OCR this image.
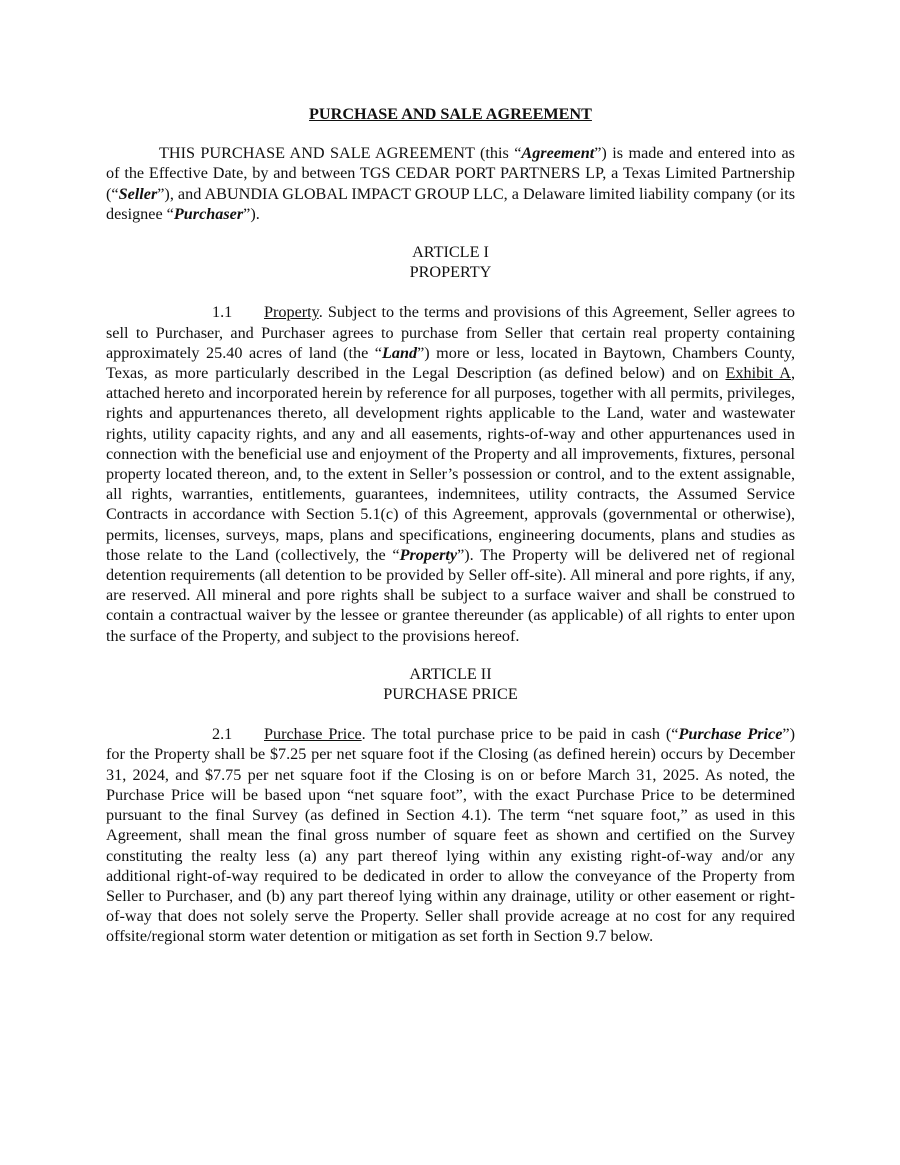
PURCHASE AND SALE AGREEMENT

THIS PURCHASE AND SALE AGREEMENT (this “Agreement”) is made and entered into as of the Effective Date, by and between TGS CEDAR PORT PARTNERS LP, a Texas Limited Partnership (“Seller”), and ABUNDIA GLOBAL IMPACT GROUP LLC, a Delaware limited liability company (or its designee “Purchaser”).

ARTICLE I
PROPERTY

1.1 Property. Subject to the terms and provisions of this Agreement, Seller agrees to sell to Purchaser, and Purchaser agrees to purchase from Seller that certain real property containing approximately 25.40 acres of land (the “Land”) more or less, located in Baytown, Chambers County, Texas, as more particularly described in the Legal Description (as defined below) and on Exhibit A, attached hereto and incorporated herein by reference for all purposes, together with all permits, privileges, rights and appurtenances thereto, all development rights applicable to the Land, water and wastewater rights, utility capacity rights, and any and all easements, rights-of-way and other appurtenances used in connection with the beneficial use and enjoyment of the Property and all improvements, fixtures, personal property located thereon, and, to the extent in Seller’s possession or control, and to the extent assignable, all rights, warranties, entitlements, guarantees, indemnitees, utility contracts, the Assumed Service Contracts in accordance with Section 5.1(c) of this Agreement, approvals (governmental or otherwise), permits, licenses, surveys, maps, plans and specifications, engineering documents, plans and studies as those relate to the Land (collectively, the “Property”). The Property will be delivered net of regional detention requirements (all detention to be provided by Seller off-site). All mineral and pore rights, if any, are reserved. All mineral and pore rights shall be subject to a surface waiver and shall be construed to contain a contractual waiver by the lessee or grantee thereunder (as applicable) of all rights to enter upon the surface of the Property, and subject to the provisions hereof.

ARTICLE II
PURCHASE PRICE

2.1 Purchase Price. The total purchase price to be paid in cash (“Purchase Price”) for the Property shall be $7.25 per net square foot if the Closing (as defined herein) occurs by December 31, 2024, and $7.75 per net square foot if the Closing is on or before March 31, 2025. As noted, the Purchase Price will be based upon “net square foot”, with the exact Purchase Price to be determined pursuant to the final Survey (as defined in Section 4.1). The term “net square foot,” as used in this Agreement, shall mean the final gross number of square feet as shown and certified on the Survey constituting the realty less (a) any part thereof lying within any existing right-of-way and/or any additional right-of-way required to be dedicated in order to allow the conveyance of the Property from Seller to Purchaser, and (b) any part thereof lying within any drainage, utility or other easement or right-of-way that does not solely serve the Property. Seller shall provide acreage at no cost for any required offsite/regional storm water detention or mitigation as set forth in Section 9.7 below.
